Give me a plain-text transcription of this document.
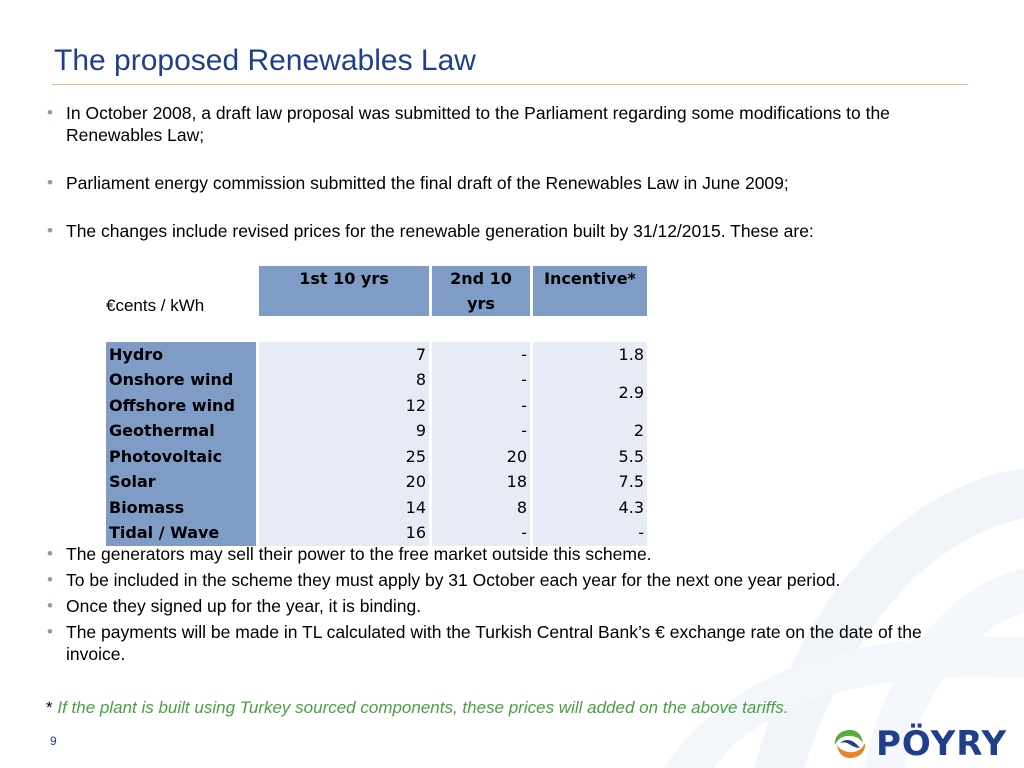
The proposed Renewables Law
• In October 2008, a draft law proposal was submitted to the Parliament regarding some modifications to the Renewables Law;
• Parliament energy commission submitted the final draft of the Renewables Law in June 2009;
• The changes include revised prices for the renewable generation built by 31/12/2015. These are:
€cents / kWh	1st 10 yrs	2nd 10 yrs	Incentive*

Hydro	7	-	1.8
Onshore wind	8	-	2.9
Offshore wind	12	-	
Geothermal	9	-	2
Photovoltaic	25	20	5.5
Solar	20	18	7.5
Biomass	14	8	4.3
Tidal / Wave	16	-	-
• The generators may sell their power to the free market outside this scheme.
• To be included in the scheme they must apply by 31 October each year for the next one year period.
• Once they signed up for the year, it is binding.
• The payments will be made in TL calculated with the Turkish Central Bank’s € exchange rate on the date of the invoice.
* If the plant is built using Turkey sourced components, these prices will added on the above tariffs.
9	PÖYRY
